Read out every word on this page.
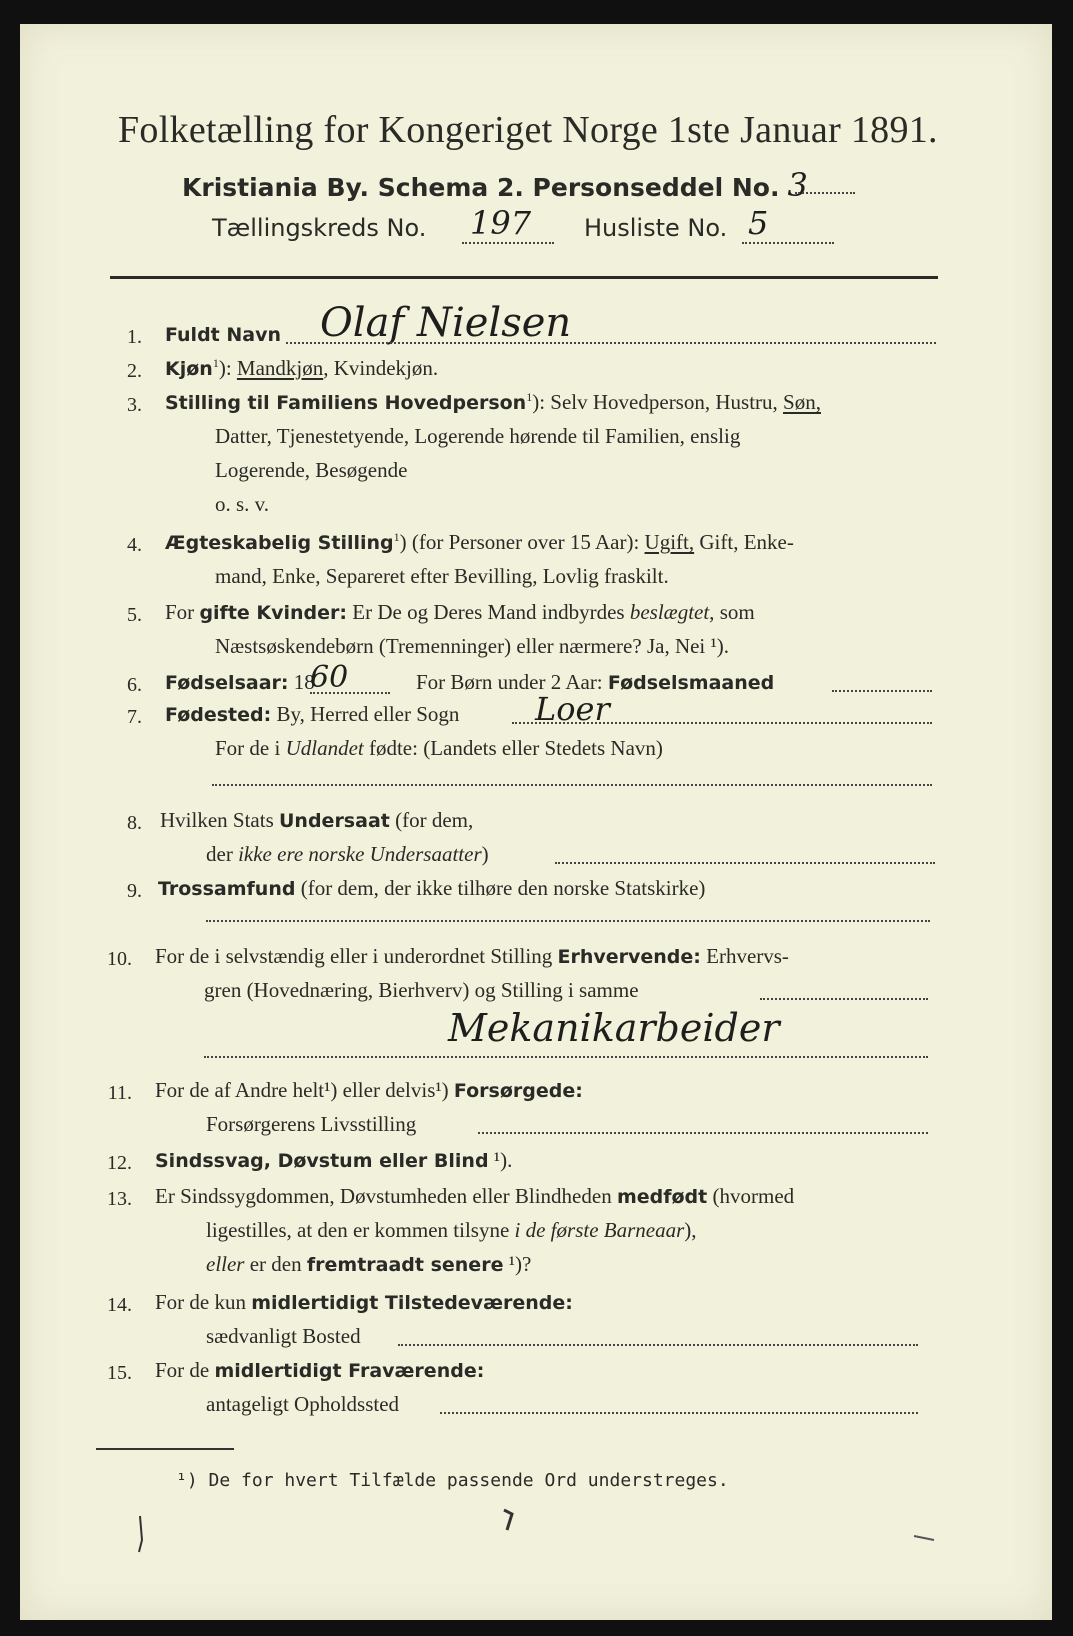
Folketælling for Kongeriget Norge 1ste Januar 1891.
Kristiania By. Schema 2. Personseddel No. 3
Tællingskreds No. 197 Husliste No. 5
1. Fuldt Navn Olaf Nielsen
2. Kjøn$^1$): Mandkjøn, Kvindekjøn.
3. Stilling til Familiens Hovedperson$^1$): Selv Hovedperson, Hustru, Søn,
Datter, Tjenestetyende, Logerende hørende til Familien, enslig
Logerende, Besøgende
o. s. v.
4. Ægteskabelig Stilling$^1$) (for Personer over 15 Aar): Ugift, Gift, Enke-
mand, Enke, Separeret efter Bevilling, Lovlig fraskilt.
5. For gifte Kvinder: Er De og Deres Mand indbyrdes beslægtet, som
Næstsøskendebørn (Tremenninger) eller nærmere? Ja, Nei ¹).
6. Fødselsaar: 18
60	For Børn under 2 Aar: Fødselsmaaned
7. Fødested: By, Herred eller Sogn Loer
For de i Udlandet fødte: (Landets eller Stedets Navn)
8. Hvilken Stats Undersaat (for dem,
der ikke ere norske Undersaatter)
9. Trossamfund (for dem, der ikke tilhøre den norske Statskirke)
10. For de i selvstændig eller i underordnet Stilling Erhvervende: Erhvervs-
gren (Hovednæring, Bierhverv) og Stilling i samme
Mekanikarbeider
11. For de af Andre helt¹) eller delvis¹) Forsørgede:
Forsørgerens Livsstilling
12. Sindssvag, Døvstum eller Blind ¹).
13. Er Sindssygdommen, Døvstumheden eller Blindheden medfødt (hvormed
ligestilles, at den er kommen tilsyne i de første Barneaar),
eller er den fremtraadt senere ¹)?
14. For de kun midlertidigt Tilstedeværende:
sædvanligt Bosted
15. For de midlertidigt Fraværende:
antageligt Opholdssted
¹) De for hvert Tilfælde passende Ord understreges.
